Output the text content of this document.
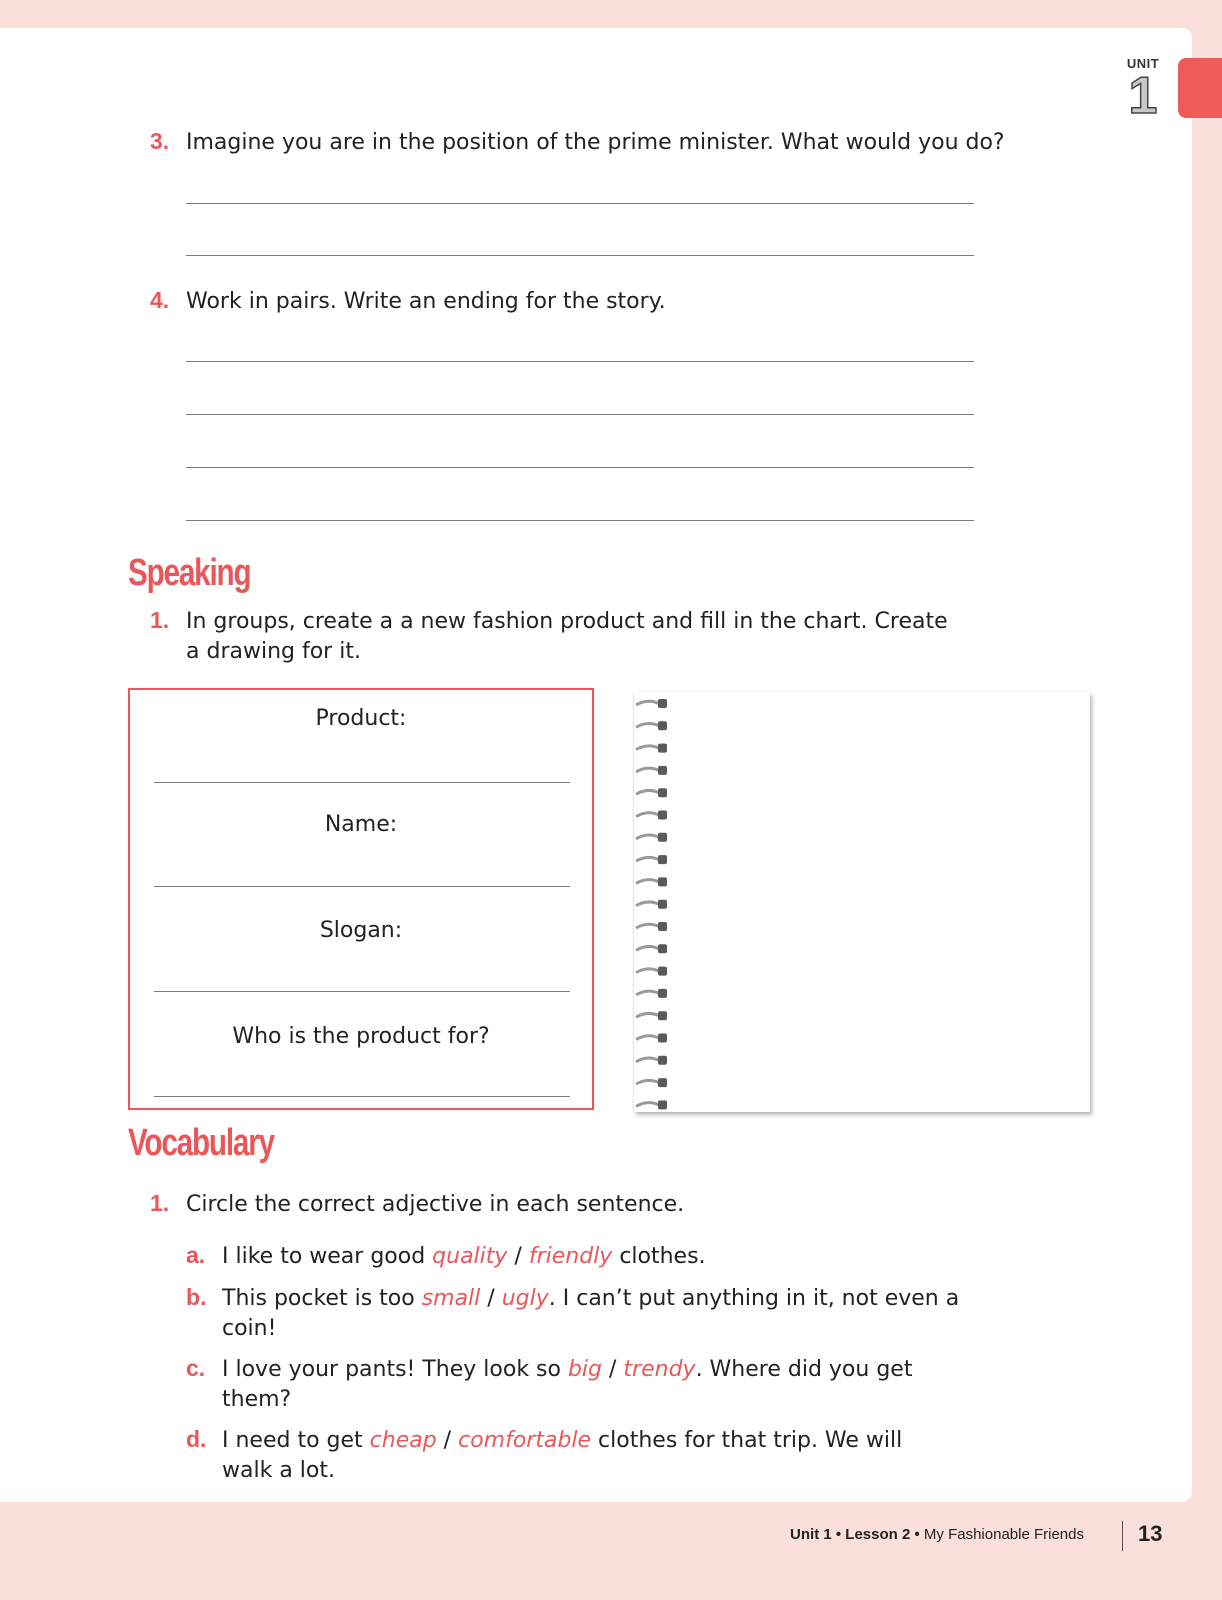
UNIT
1
3. Imagine you are in the position of the prime minister. What would you do?
4. Work in pairs. Write an ending for the story.
Speaking
1. In groups, create a a new fashion product and fill in the chart. Create
a drawing for it.
Product:
Name:
Slogan:
Who is the product for?
Vocabulary
1. Circle the correct adjective in each sentence.
a. I like to wear good quality / friendly clothes.
b. This pocket is too small / ugly. I can’t put anything in it, not even a
coin!
c. I love your pants! They look so big / trendy. Where did you get
them?
d. I need to get cheap / comfortable clothes for that trip. We will
walk a lot.
Unit 1 • Lesson 2 • My Fashionable Friends 13
